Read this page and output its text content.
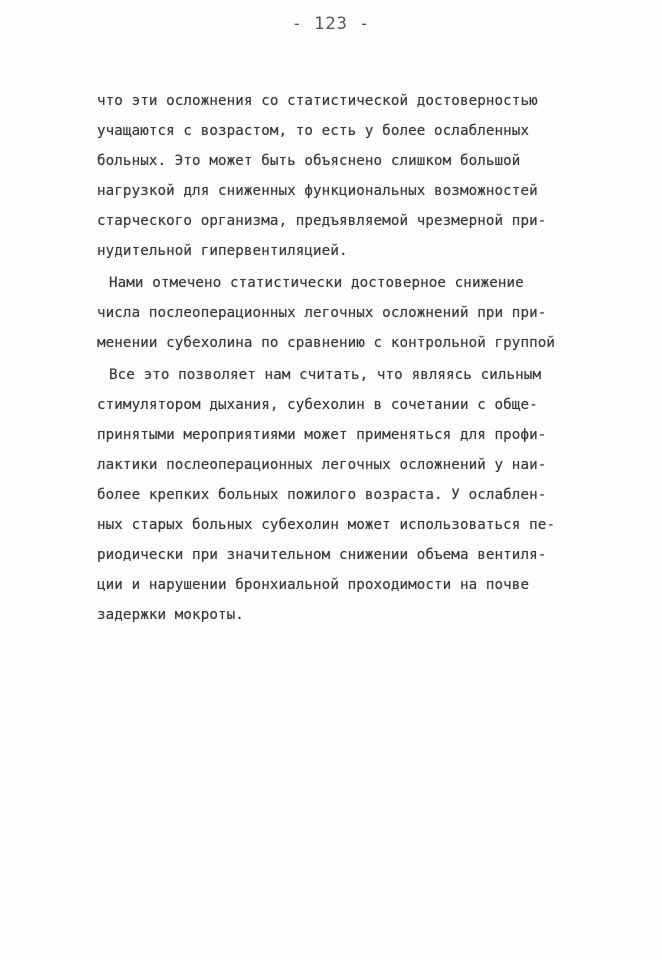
- 123 -
что эти осложнения со статистической достоверностью
учащаются с возрастом, то есть у более ослабленных
больных. Это может быть объяснено слишком большой
нагрузкой для сниженных функциональных возможностей
старческого организма, предъявляемой чрезмерной при-
нудительной гипервентиляцией.
Нами отмечено статистически достоверное снижение
числа послеоперационных легочных осложнений при при-
менении субехолина по сравнению с контрольной группой
Все это позволяет нам считать, что являясь сильным
стимулятором дыхания, субехолин в сочетании с обще-
принятыми мероприятиями может применяться для профи-
лактики послеоперационных легочных осложнений у наи-
более крепких больных пожилого возраста. У ослаблен-
ных старых больных субехолин может использоваться пе-
риодически при значительном снижении объема вентиля-
ции и нарушении бронхиальной проходимости на почве
задержки мокроты.
